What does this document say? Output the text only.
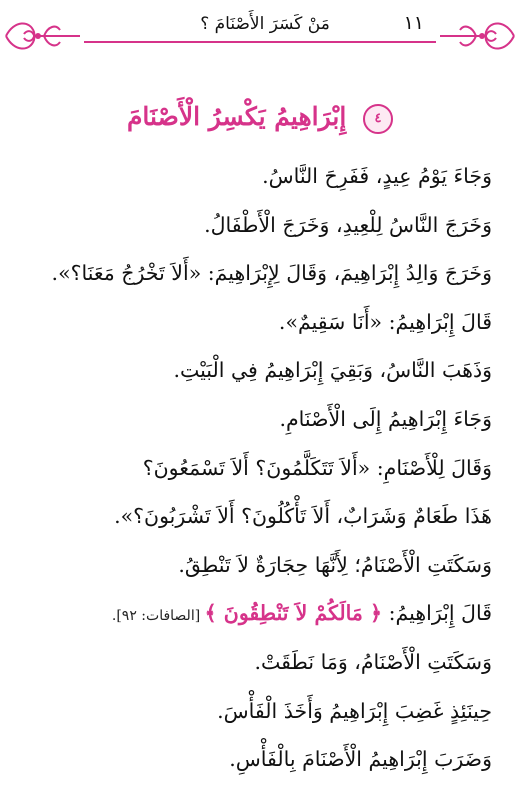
مَنْ كَسَرَ الأَصْنَامَ ؟	١١
٤ إِبْرَاهِيمُ يَكْسِرُ الْأَصْنَامَ
وَجَاءَ يَوْمُ عِيدٍ، فَفَرِحَ النَّاسُ.
وَخَرَجَ النَّاسُ لِلْعِيدِ، وَخَرَجَ الْأَطْفَالُ.
وَخَرَجَ وَالِدُ إِبْرَاهِيمَ، وَقَالَ لِإِبْرَاهِيمَ: «أَلاَ تَخْرُجُ مَعَنَا؟».
قَالَ إِبْرَاهِيمُ: «أَنَا سَقِيمٌ».
وَذَهَبَ النَّاسُ، وَبَقِيَ إِبْرَاهِيمُ فِي الْبَيْتِ.
وَجَاءَ إِبْرَاهِيمُ إِلَى الْأَصْنَامِ.
وَقَالَ لِلْأَصْنَامِ: «أَلاَ تَتَكَلَّمُونَ؟ أَلاَ تَسْمَعُونَ؟
هَذَا طَعَامٌ وَشَرَابٌ، أَلاَ تَأْكُلُونَ؟ أَلاَ تَشْرَبُونَ؟».
وَسَكَتَتِ الْأَصْنَامُ؛ لِأَنَّهَا حِجَارَةٌ لاَ تَنْطِقُ.
قَالَ إِبْرَاهِيمُ: ﴿ مَالَكُمْ لاَ تَنْطِقُونَ ﴾ [الصافات: ٩٢].
وَسَكَتَتِ الْأَصْنَامُ، وَمَا نَطَقَتْ.
حِينَئِذٍ غَضِبَ إِبْرَاهِيمُ وَأَخَذَ الْفَأْسَ.
وَضَرَبَ إِبْرَاهِيمُ الْأَصْنَامَ بِالْفَأْسِ.
